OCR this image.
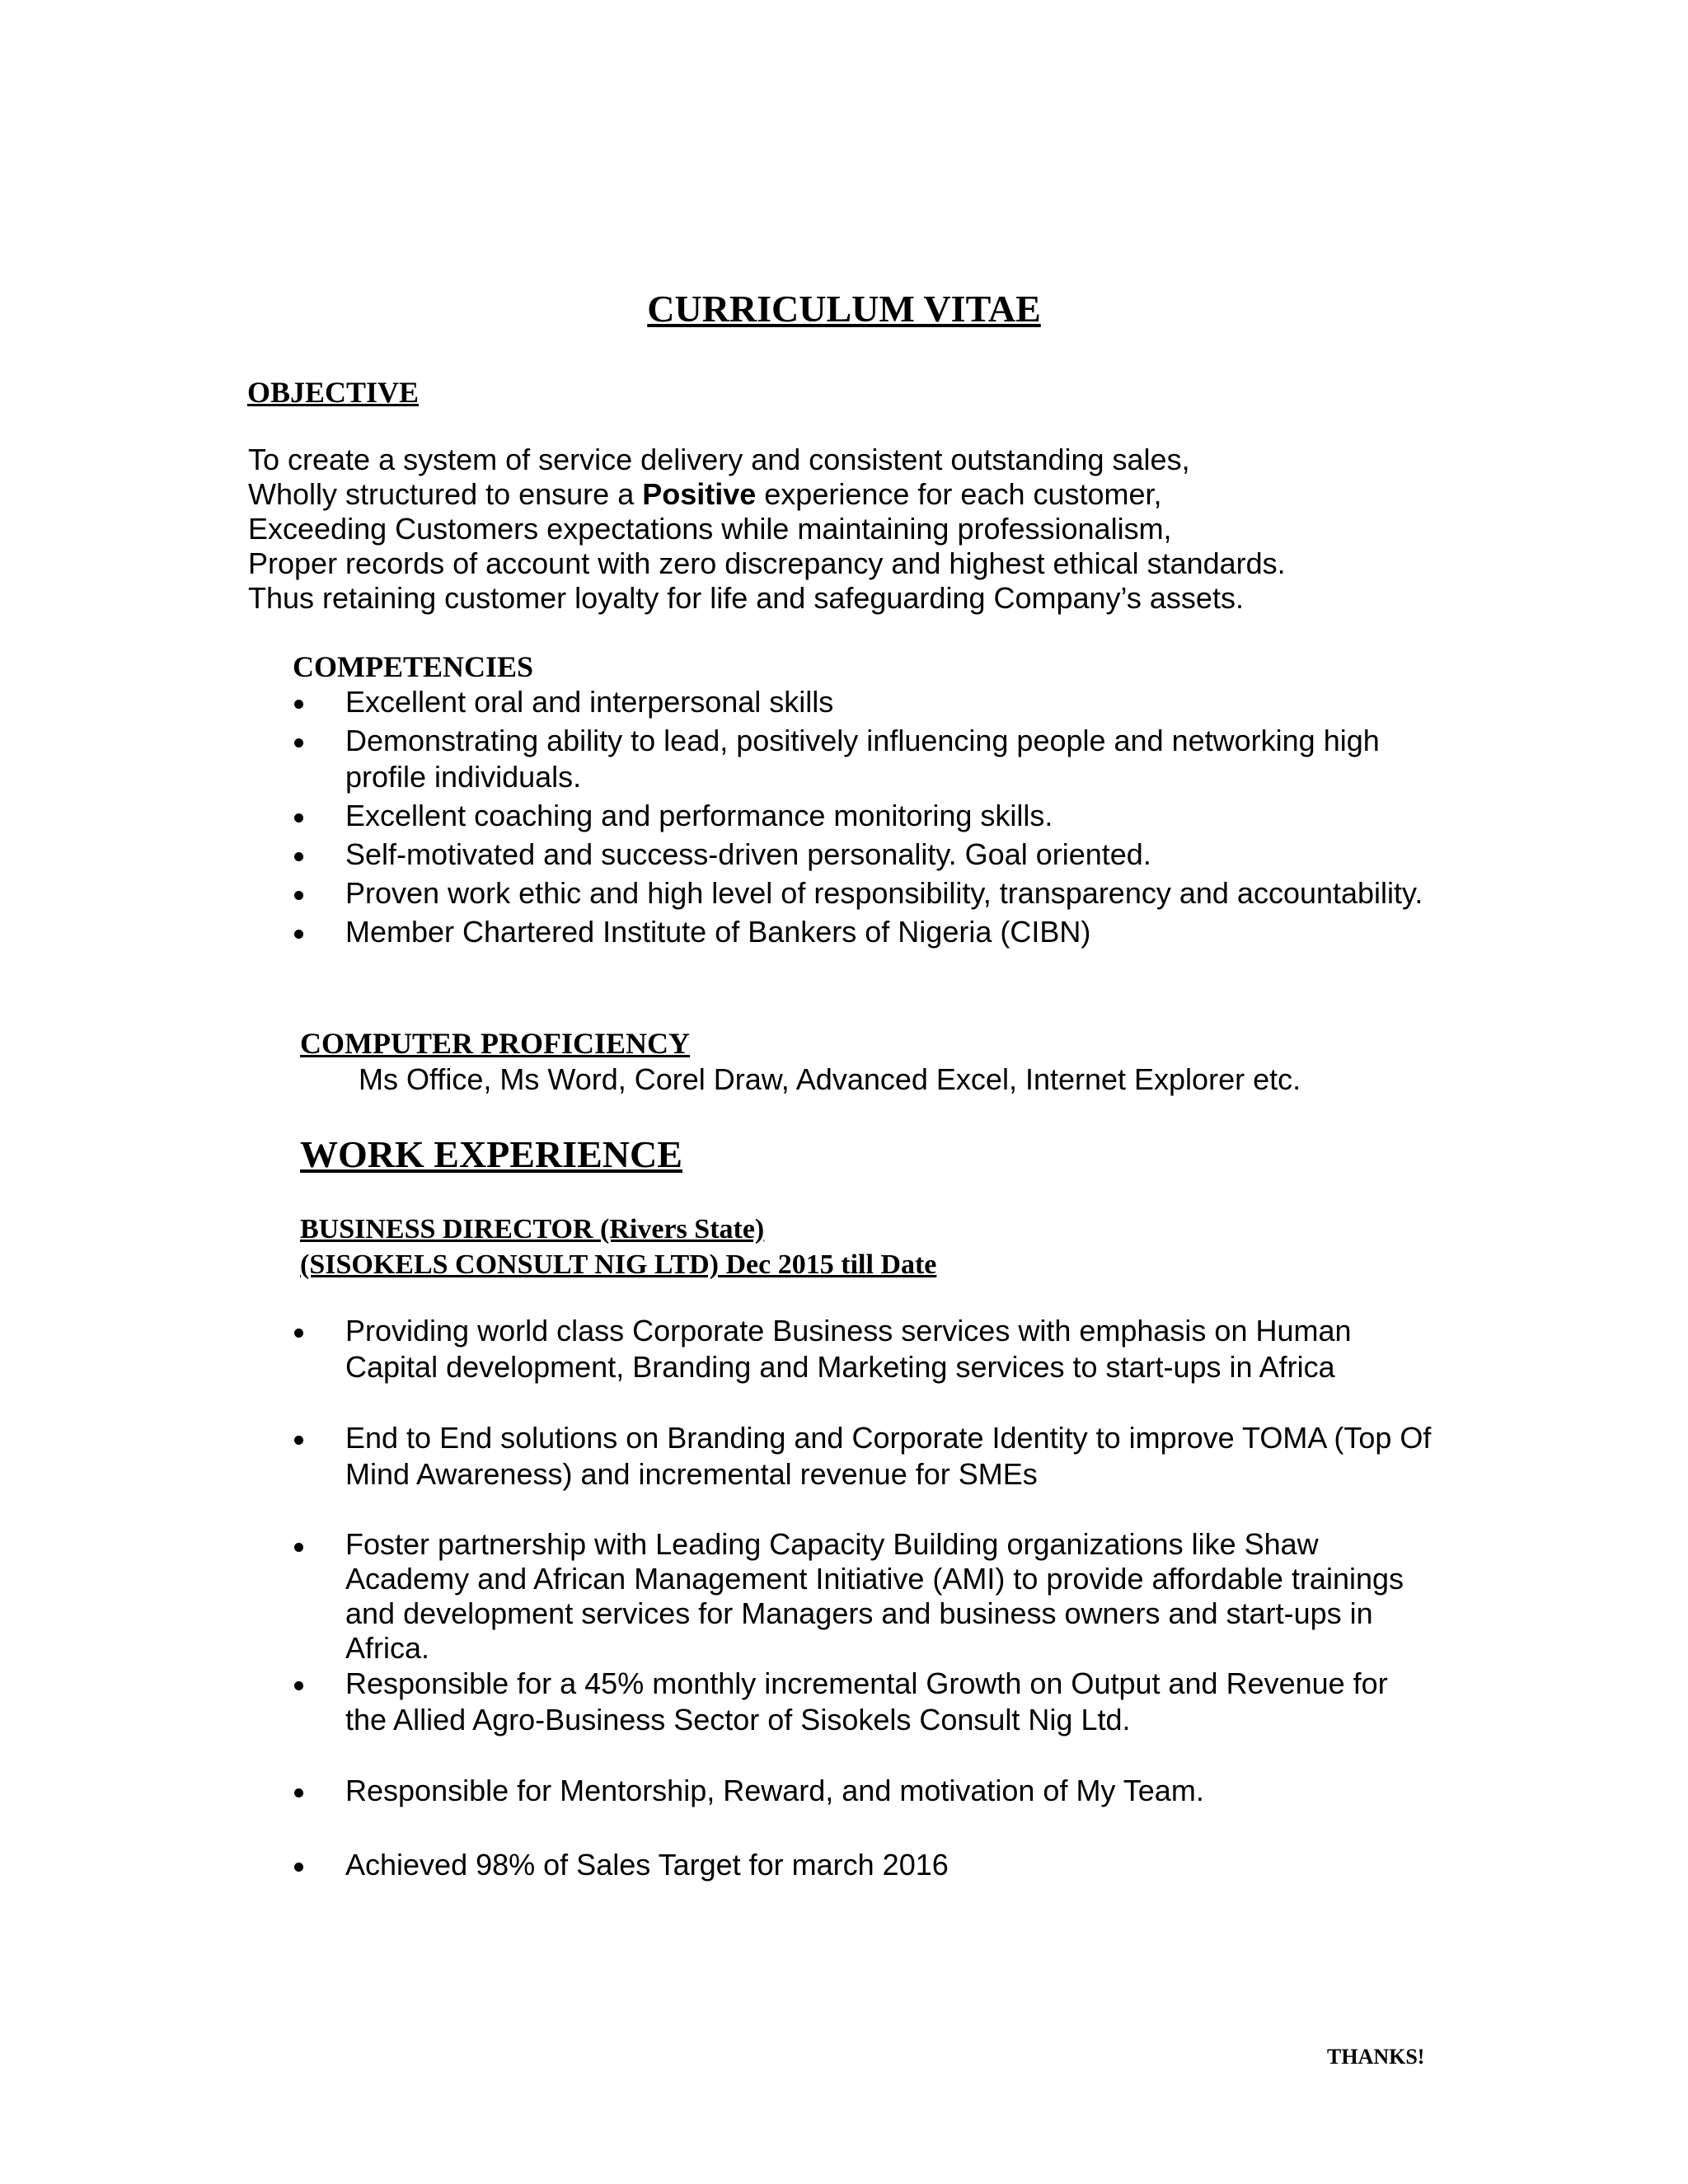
CURRICULUM VITAE
OBJECTIVE
To create a system of service delivery and consistent outstanding sales,
Wholly structured to ensure a Positive experience for each customer,
Exceeding Customers expectations while maintaining professionalism,
Proper records of account with zero discrepancy and highest ethical standards.
Thus retaining customer loyalty for life and safeguarding Company’s assets.
COMPETENCIES
Excellent oral and interpersonal skills
Demonstrating ability to lead, positively influencing people and networking high profile individuals.
Excellent coaching and performance monitoring skills.
Self-motivated and success-driven personality. Goal oriented.
Proven work ethic and high level of responsibility, transparency and accountability.
Member Chartered Institute of Bankers of Nigeria (CIBN)
COMPUTER PROFICIENCY
Ms Office, Ms Word, Corel Draw, Advanced Excel, Internet Explorer etc.
WORK EXPERIENCE
BUSINESS DIRECTOR (Rivers State)
(SISOKELS CONSULT NIG LTD) Dec 2015 till Date
Providing world class Corporate Business services with emphasis on Human Capital development, Branding and Marketing services to start-ups in Africa
End to End solutions on Branding and Corporate Identity to improve TOMA (Top Of Mind Awareness) and incremental revenue for SMEs
Foster partnership with Leading Capacity Building organizations like Shaw Academy and African Management Initiative (AMI) to provide affordable trainings and development services for Managers and business owners and start-ups in Africa.
Responsible for a 45% monthly incremental Growth on Output and Revenue for the Allied Agro-Business Sector of Sisokels Consult Nig Ltd.
Responsible for Mentorship, Reward, and motivation of My Team.
Achieved 98% of Sales Target for march 2016
THANKS!
